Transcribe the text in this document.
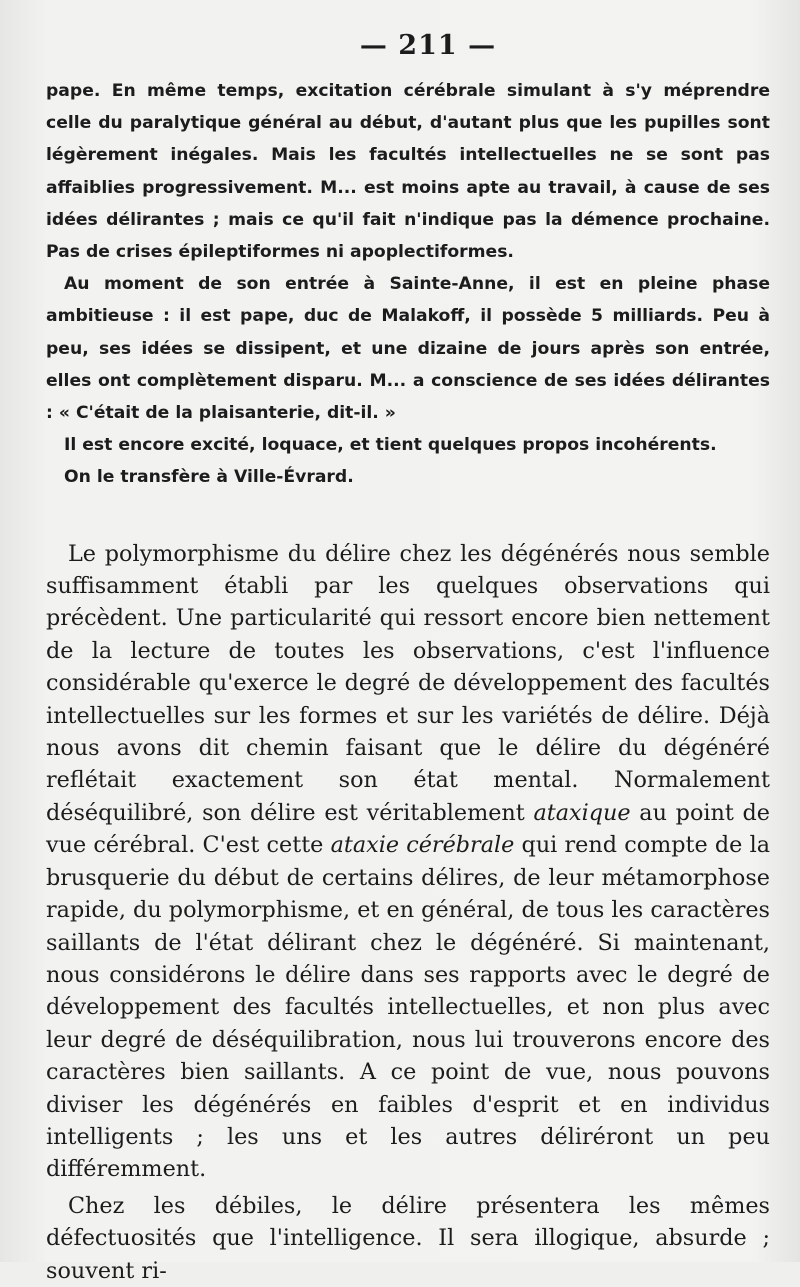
— 211 —

pape. En même temps, excitation cérébrale simulant à s'y méprendre celle du paralytique général au début, d'autant plus que les pupilles sont légèrement inégales. Mais les facultés intellectuelles ne se sont pas affaiblies progressivement. M... est moins apte au travail, à cause de ses idées délirantes ; mais ce qu'il fait n'indique pas la démence prochaine. Pas de crises épileptiformes ni apoplectiformes.

Au moment de son entrée à Sainte-Anne, il est en pleine phase ambitieuse : il est pape, duc de Malakoff, il possède 5 milliards. Peu à peu, ses idées se dissipent, et une dizaine de jours après son entrée, elles ont complètement disparu. M... a conscience de ses idées délirantes : « C'était de la plaisanterie, dit-il. »

Il est encore excité, loquace, et tient quelques propos incohérents.

On le transfère à Ville-Évrard.

Le polymorphisme du délire chez les dégénérés nous semble suffisamment établi par les quelques observations qui précèdent. Une particularité qui ressort encore bien nettement de la lecture de toutes les observations, c'est l'influence considérable qu'exerce le degré de développement des facultés intellectuelles sur les formes et sur les variétés de délire. Déjà nous avons dit chemin faisant que le délire du dégénéré reflétait exactement son état mental. Normalement déséquilibré, son délire est véritablement ataxique au point de vue cérébral. C'est cette ataxie cérébrale qui rend compte de la brusquerie du début de certains délires, de leur métamorphose rapide, du polymorphisme, et en général, de tous les caractères saillants de l'état délirant chez le dégénéré. Si maintenant, nous considérons le délire dans ses rapports avec le degré de développement des facultés intellectuelles, et non plus avec leur degré de déséquilibration, nous lui trouverons encore des caractères bien saillants. A ce point de vue, nous pouvons diviser les dégénérés en faibles d'esprit et en individus intelligents ; les uns et les autres déliréront un peu différemment.

Chez les débiles, le délire présentera les mêmes défectuosités que l'intelligence. Il sera illogique, absurde ; souvent ri-
